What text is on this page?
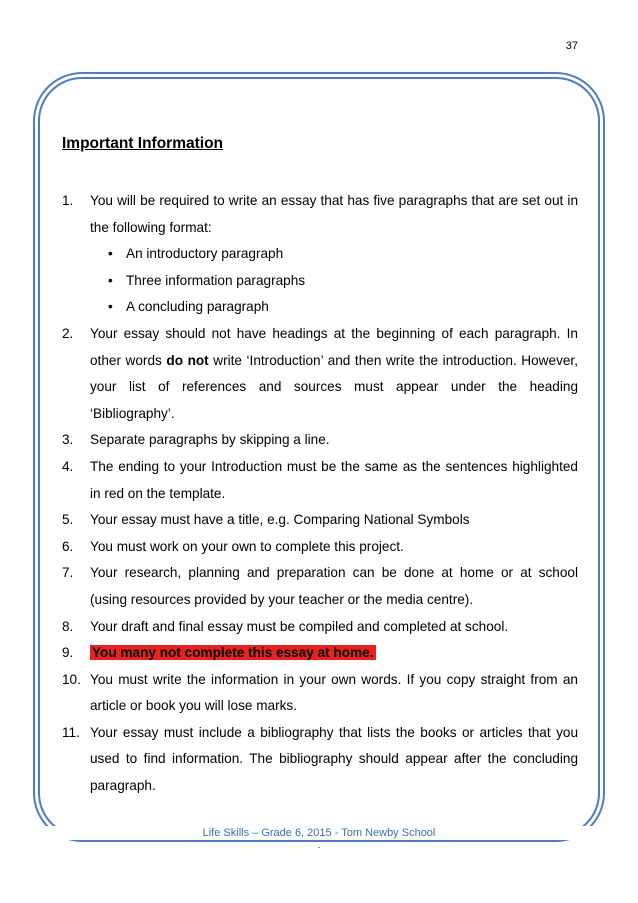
37
Important Information
1.	You will be required to write an essay that has five paragraphs that are set out in the following format:
• An introductory paragraph
• Three information paragraphs
• A concluding paragraph
2.	Your essay should not have headings at the beginning of each paragraph. In other words do not write ‘Introduction’ and then write the introduction. However, your list of references and sources must appear under the heading ‘Bibliography’.
3.	Separate paragraphs by skipping a line.
4.	The ending to your Introduction must be the same as the sentences highlighted in red on the template.
5.	Your essay must have a title, e.g. Comparing National Symbols
6.	You must work on your own to complete this project.
7.	Your research, planning and preparation can be done at home or at school (using resources provided by your teacher or the media centre).
8.	Your draft and final essay must be compiled and completed at school.
9.	You many not complete this essay at home.
10. You must write the information in your own words. If you copy straight from an article or book you will lose marks.
11. Your essay must include a bibliography that lists the books or articles that you used to find information. The bibliography should appear after the concluding paragraph.
Life Skills – Grade 6, 2015 - Tom Newby School
.
